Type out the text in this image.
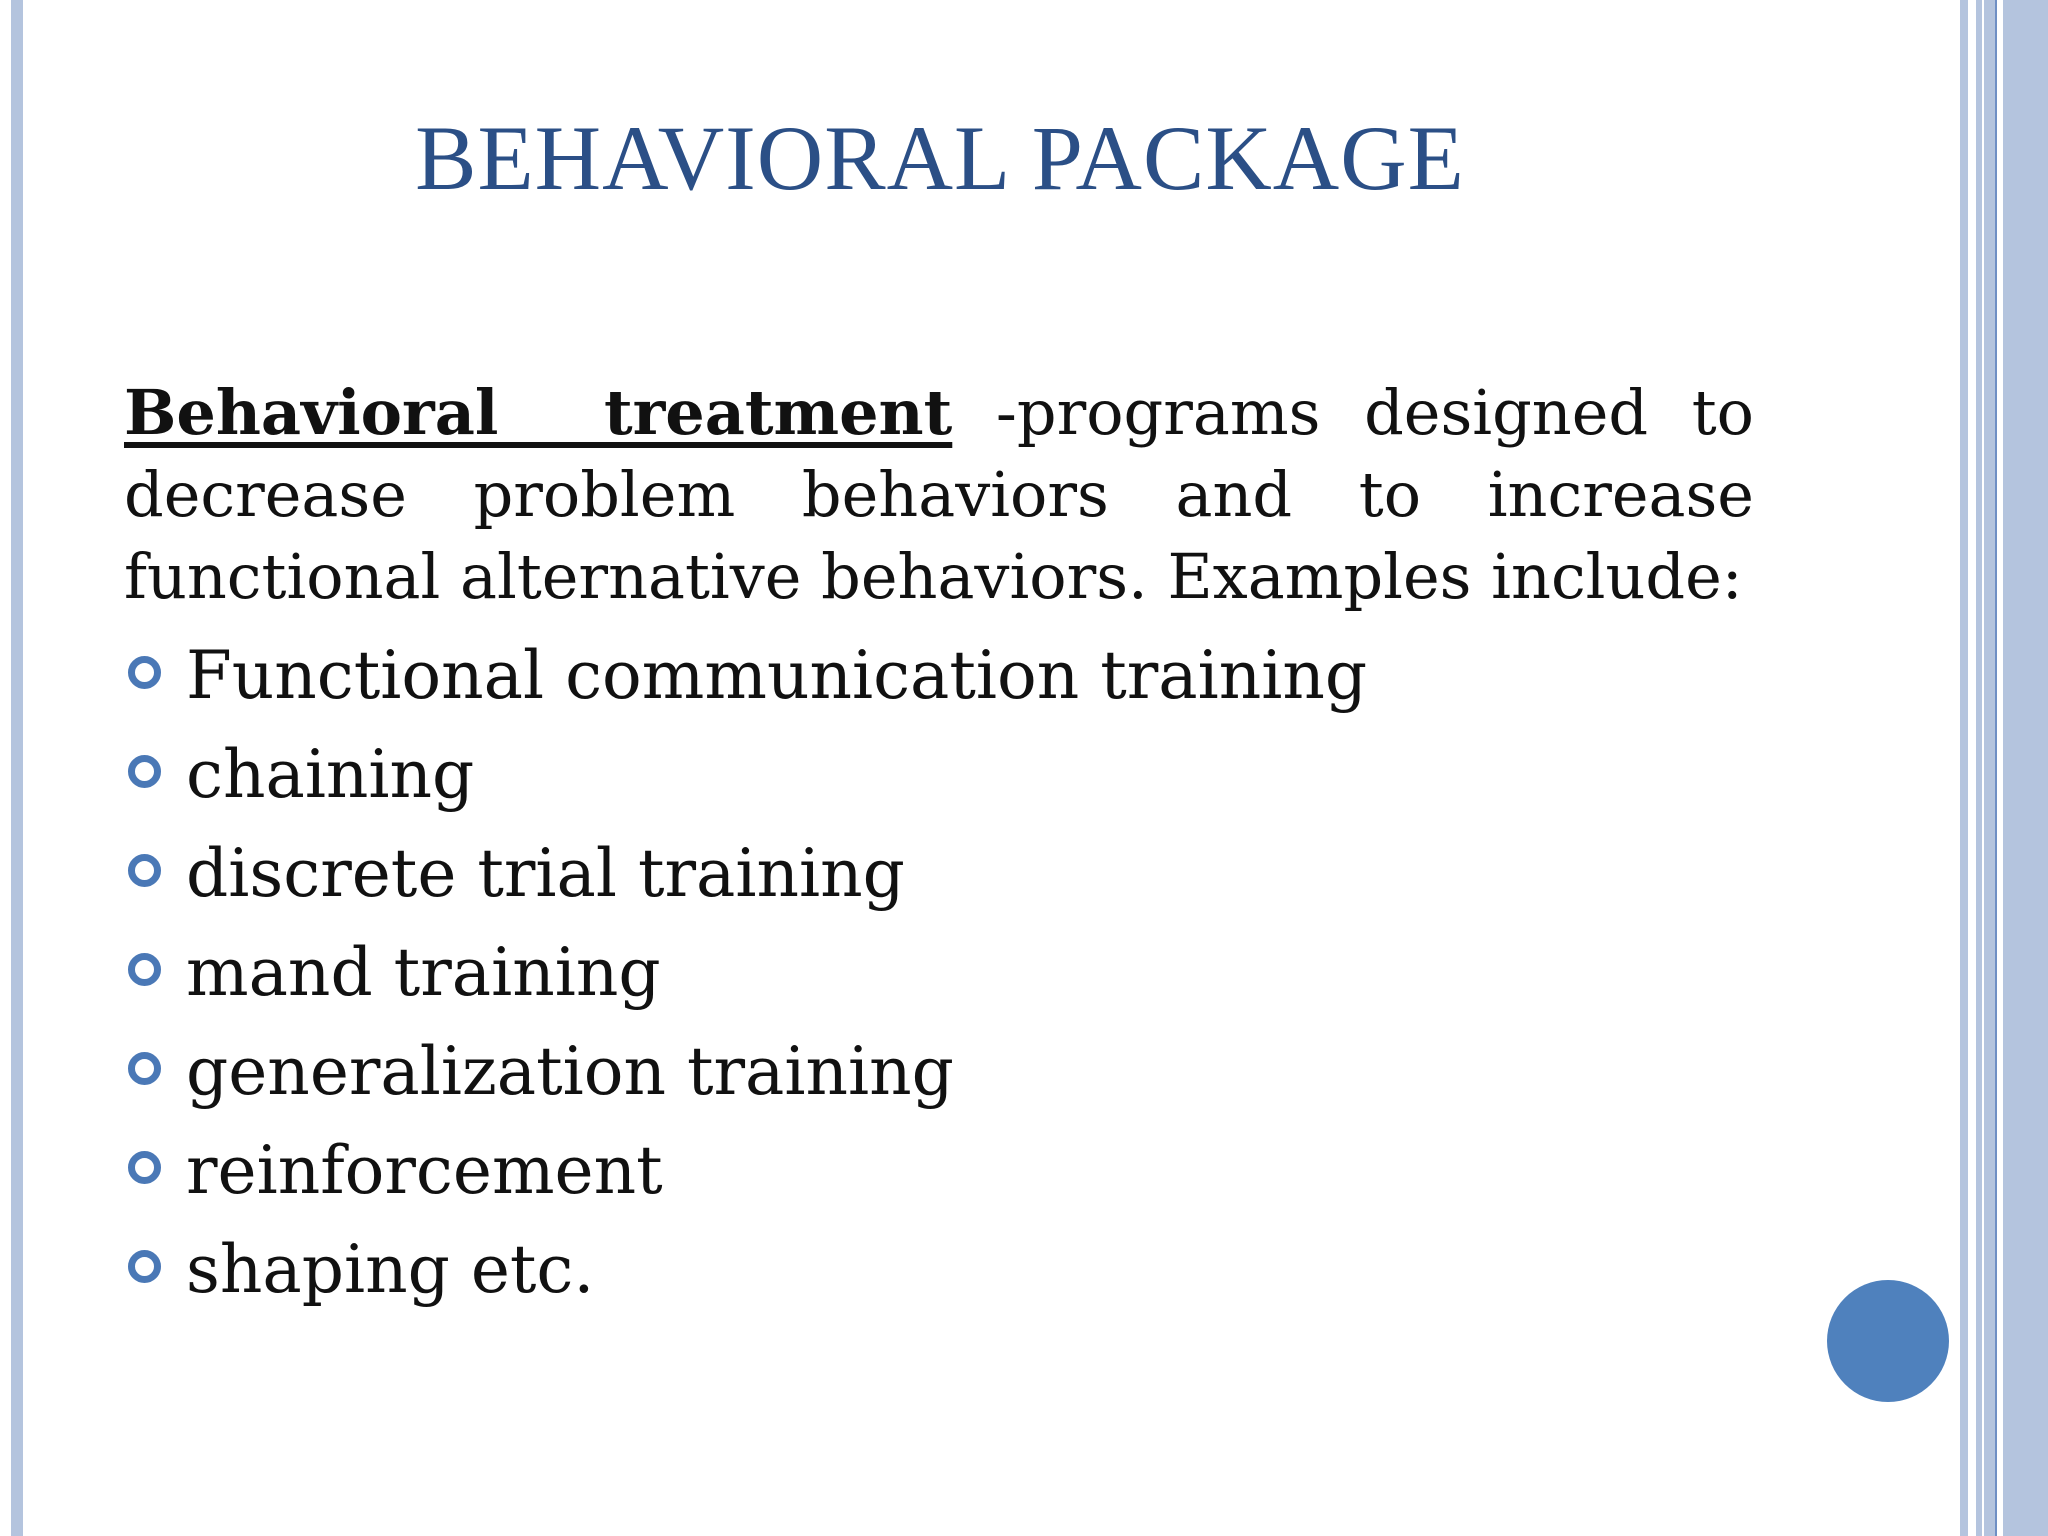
BEHAVIORAL PACKAGE

Behavioral treatment -programs designed to decrease problem behaviors and to increase functional alternative behaviors. Examples include:

Functional communication training
chaining
discrete trial training
mand training
generalization training
reinforcement
shaping etc.
